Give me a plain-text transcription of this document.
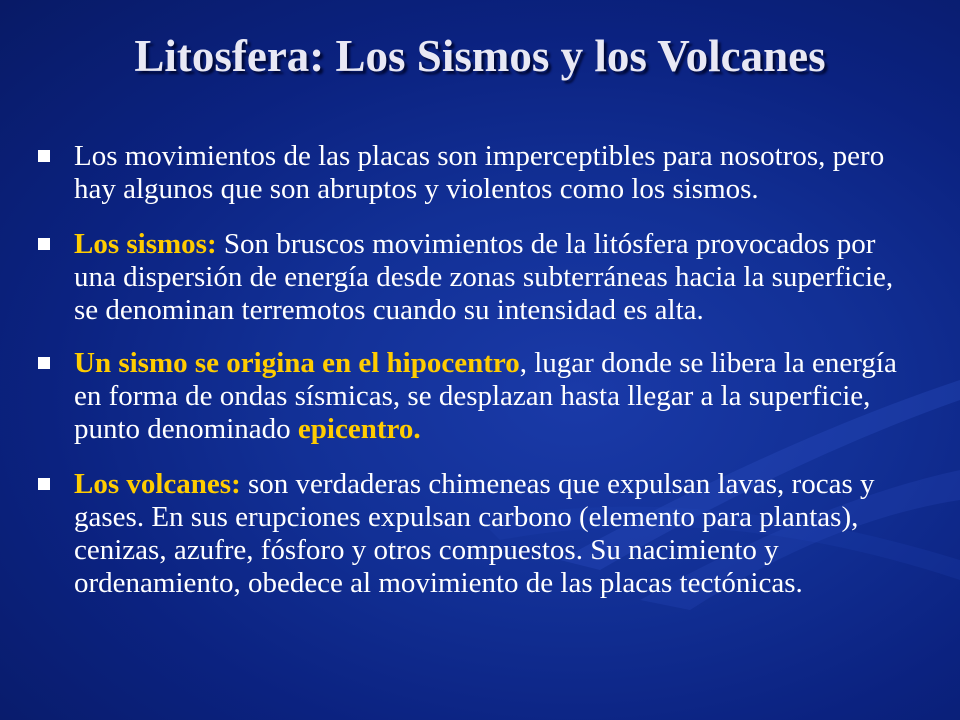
Litosfera: Los Sismos y los Volcanes
Los movimientos de las placas son imperceptibles para nosotros, pero hay algunos que son abruptos y violentos como los sismos.
Los sismos: Son bruscos movimientos de la litósfera provocados por una dispersión de energía desde zonas subterráneas hacia la superficie, se denominan terremotos cuando su intensidad es alta.
Un sismo se origina en el hipocentro, lugar donde se libera la energía en forma de ondas sísmicas, se desplazan hasta llegar a la superficie, punto denominado epicentro.
Los volcanes: son verdaderas chimeneas que expulsan lavas, rocas y gases. En sus erupciones expulsan carbono (elemento para plantas), cenizas, azufre, fósforo y otros compuestos. Su nacimiento y ordenamiento, obedece al movimiento de las placas tectónicas.
